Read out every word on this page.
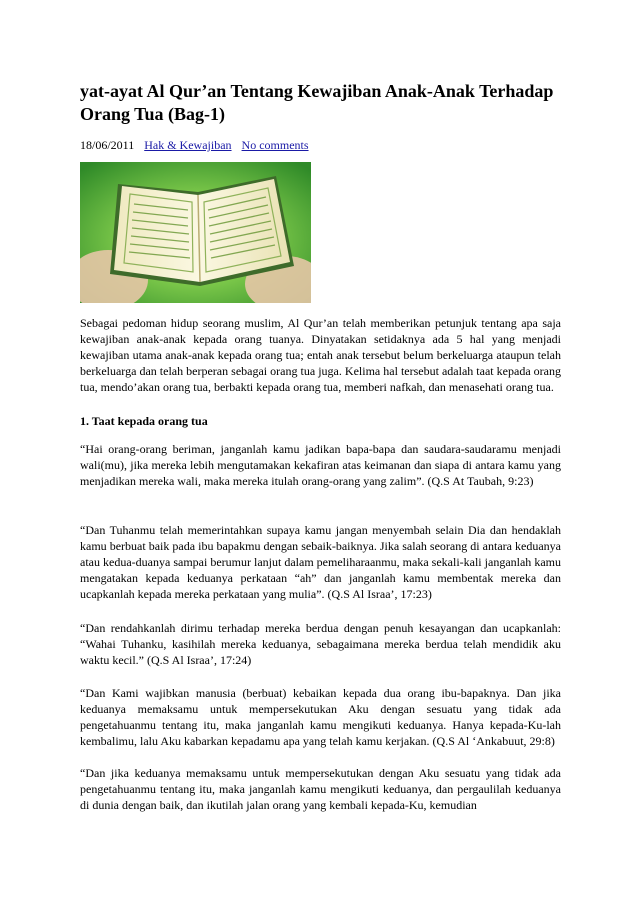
yat-ayat Al Qur’an Tentang Kewajiban Anak-Anak Terhadap Orang Tua (Bag-1)
18/06/2011 Hak & Kewajiban No comments

Sebagai pedoman hidup seorang muslim, Al Qur’an telah memberikan petunjuk tentang apa saja kewajiban anak-anak kepada orang tuanya. Dinyatakan setidaknya ada 5 hal yang menjadi kewajiban utama anak-anak kepada orang tua; entah anak tersebut belum berkeluarga ataupun telah berkeluarga dan telah berperan sebagai orang tua juga. Kelima hal tersebut adalah taat kepada orang tua, mendo’akan orang tua, berbakti kepada orang tua, memberi nafkah, dan menasehati orang tua.

1. Taat kepada orang tua

“Hai orang-orang beriman, janganlah kamu jadikan bapa-bapa dan saudara-saudaramu menjadi wali(mu), jika mereka lebih mengutamakan kekafiran atas keimanan dan siapa di antara kamu yang menjadikan mereka wali, maka mereka itulah orang-orang yang zalim”. (Q.S At Taubah, 9:23)

“Dan Tuhanmu telah memerintahkan supaya kamu jangan menyembah selain Dia dan hendaklah kamu berbuat baik pada ibu bapakmu dengan sebaik-baiknya. Jika salah seorang di antara keduanya atau kedua-duanya sampai berumur lanjut dalam pemeliharaanmu, maka sekali-kali janganlah kamu mengatakan kepada keduanya perkataan “ah” dan janganlah kamu membentak mereka dan ucapkanlah kepada mereka perkataan yang mulia”. (Q.S Al Israa’, 17:23)

“Dan rendahkanlah dirimu terhadap mereka berdua dengan penuh kesayangan dan ucapkanlah: “Wahai Tuhanku, kasihilah mereka keduanya, sebagaimana mereka berdua telah mendidik aku waktu kecil.” (Q.S Al Israa’, 17:24)

“Dan Kami wajibkan manusia (berbuat) kebaikan kepada dua orang ibu-bapaknya. Dan jika keduanya memaksamu untuk mempersekutukan Aku dengan sesuatu yang tidak ada pengetahuanmu tentang itu, maka janganlah kamu mengikuti keduanya. Hanya kepada-Ku-lah kembalimu, lalu Aku kabarkan kepadamu apa yang telah kamu kerjakan. (Q.S Al ‘Ankabuut, 29:8)

“Dan jika keduanya memaksamu untuk mempersekutukan dengan Aku sesuatu yang tidak ada pengetahuanmu tentang itu, maka janganlah kamu mengikuti keduanya, dan pergaulilah keduanya di dunia dengan baik, dan ikutilah jalan orang yang kembali kepada-Ku, kemudian
